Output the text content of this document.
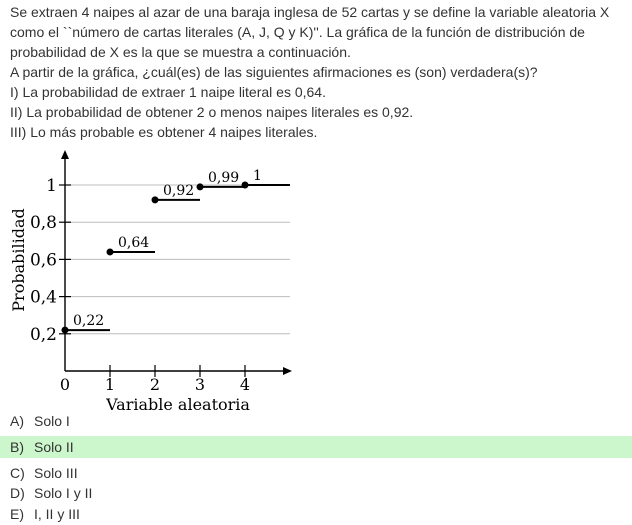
Se extraen 4 naipes al azar de una baraja inglesa de 52 cartas y se define la variable aleatoria X
como el ``número de cartas literales (A, J, Q y K)''. La gráfica de la función de distribución de
probabilidad de X es la que se muestra a continuación.
A partir de la gráfica, ¿cuál(es) de las siguientes afirmaciones es (son) verdadera(s)?
I) La probabilidad de extraer 1 naipe literal es 0,64.
II) La probabilidad de obtener 2 o menos naipes literales es 0,92.
III) Lo más probable es obtener 4 naipes literales.
0 1 2 3 4
0,2
0,4
0,6
0,8
1
Variable aleatoria
Probabilidad
0,22
0,64
0,92
0,99 1
A) Solo I
B) Solo II
C) Solo III
D) Solo I y II
E) I, II y III
